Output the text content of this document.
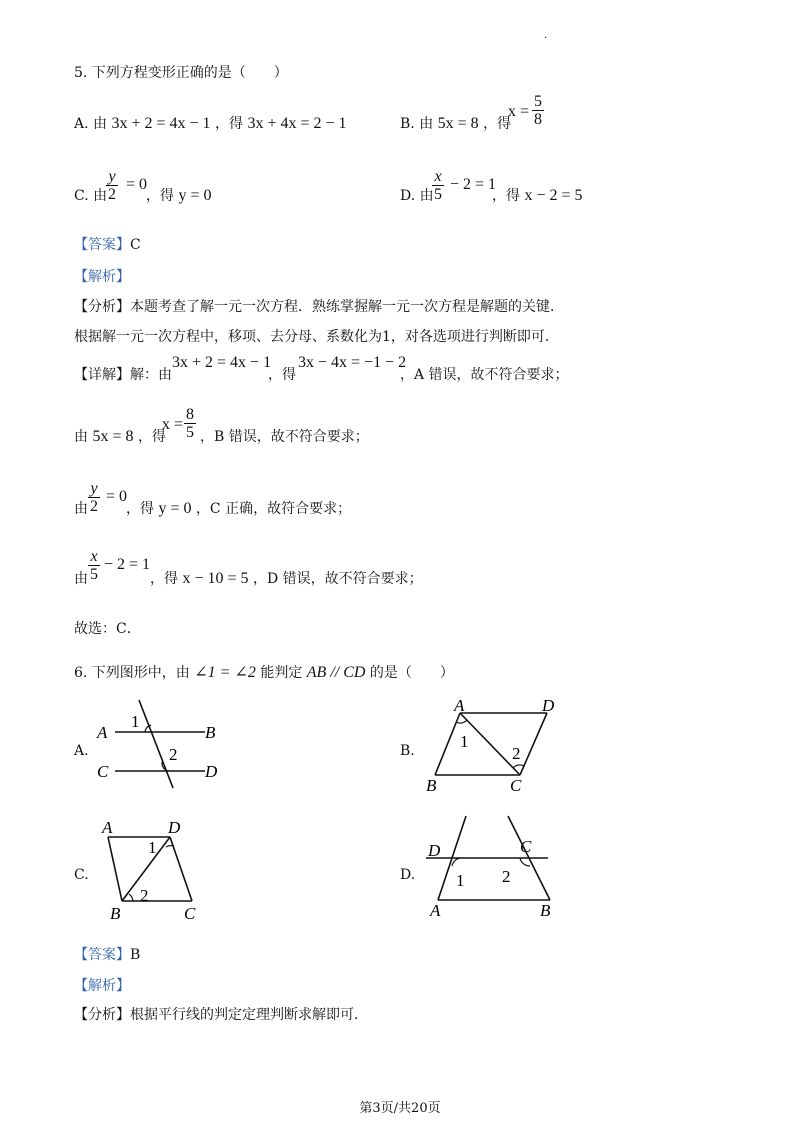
.
5. 下列方程变形正确的是（　　）
A. 由 3x + 2 = 4x − 1 ，得 3x + 4x = 2 − 1	B. 由 5x = 8 ，得
$x = \frac{5}{8}$
C. 由
$\frac{y}{2} = 0$
，得 y = 0	D. 由
$\frac{x}{5} - 2 = 1$
，得 x − 2 = 5
【答案】C
【解析】
【分析】本题考查了解一元一次方程．熟练掌握解一元一次方程是解题的关键．
根据解一元一次方程中，移项、去分母、系数化为1，对各选项进行判断即可．
【详解】解：由
3x + 2 = 4x − 1
，得
3x − 4x = −1 − 2
，A 错误，故不符合要求；
由 5x = 8 ，得
$x = \frac{8}{5}$ ，B 错误，故不符合要求；
由 $\frac{y}{2} = 0$
，得 y = 0 ，C 正确，故符合要求；
由 $\frac{x}{5} - 2 = 1$
，得 x − 10 = 5 ，D 错误，故不符合要求；
故选：C．
6. 下列图形中，由 ∠1 = ∠2 能判定 AB // CD 的是（　　）
A.	B.
C.	D.
A	B
C	D
1
2
A	D
B	C
1
2
A	D
B	C
1
2
D	C
A	B
1 2
【答案】B
【解析】
【分析】根据平行线的判定定理判断求解即可．
第3页/共20页
